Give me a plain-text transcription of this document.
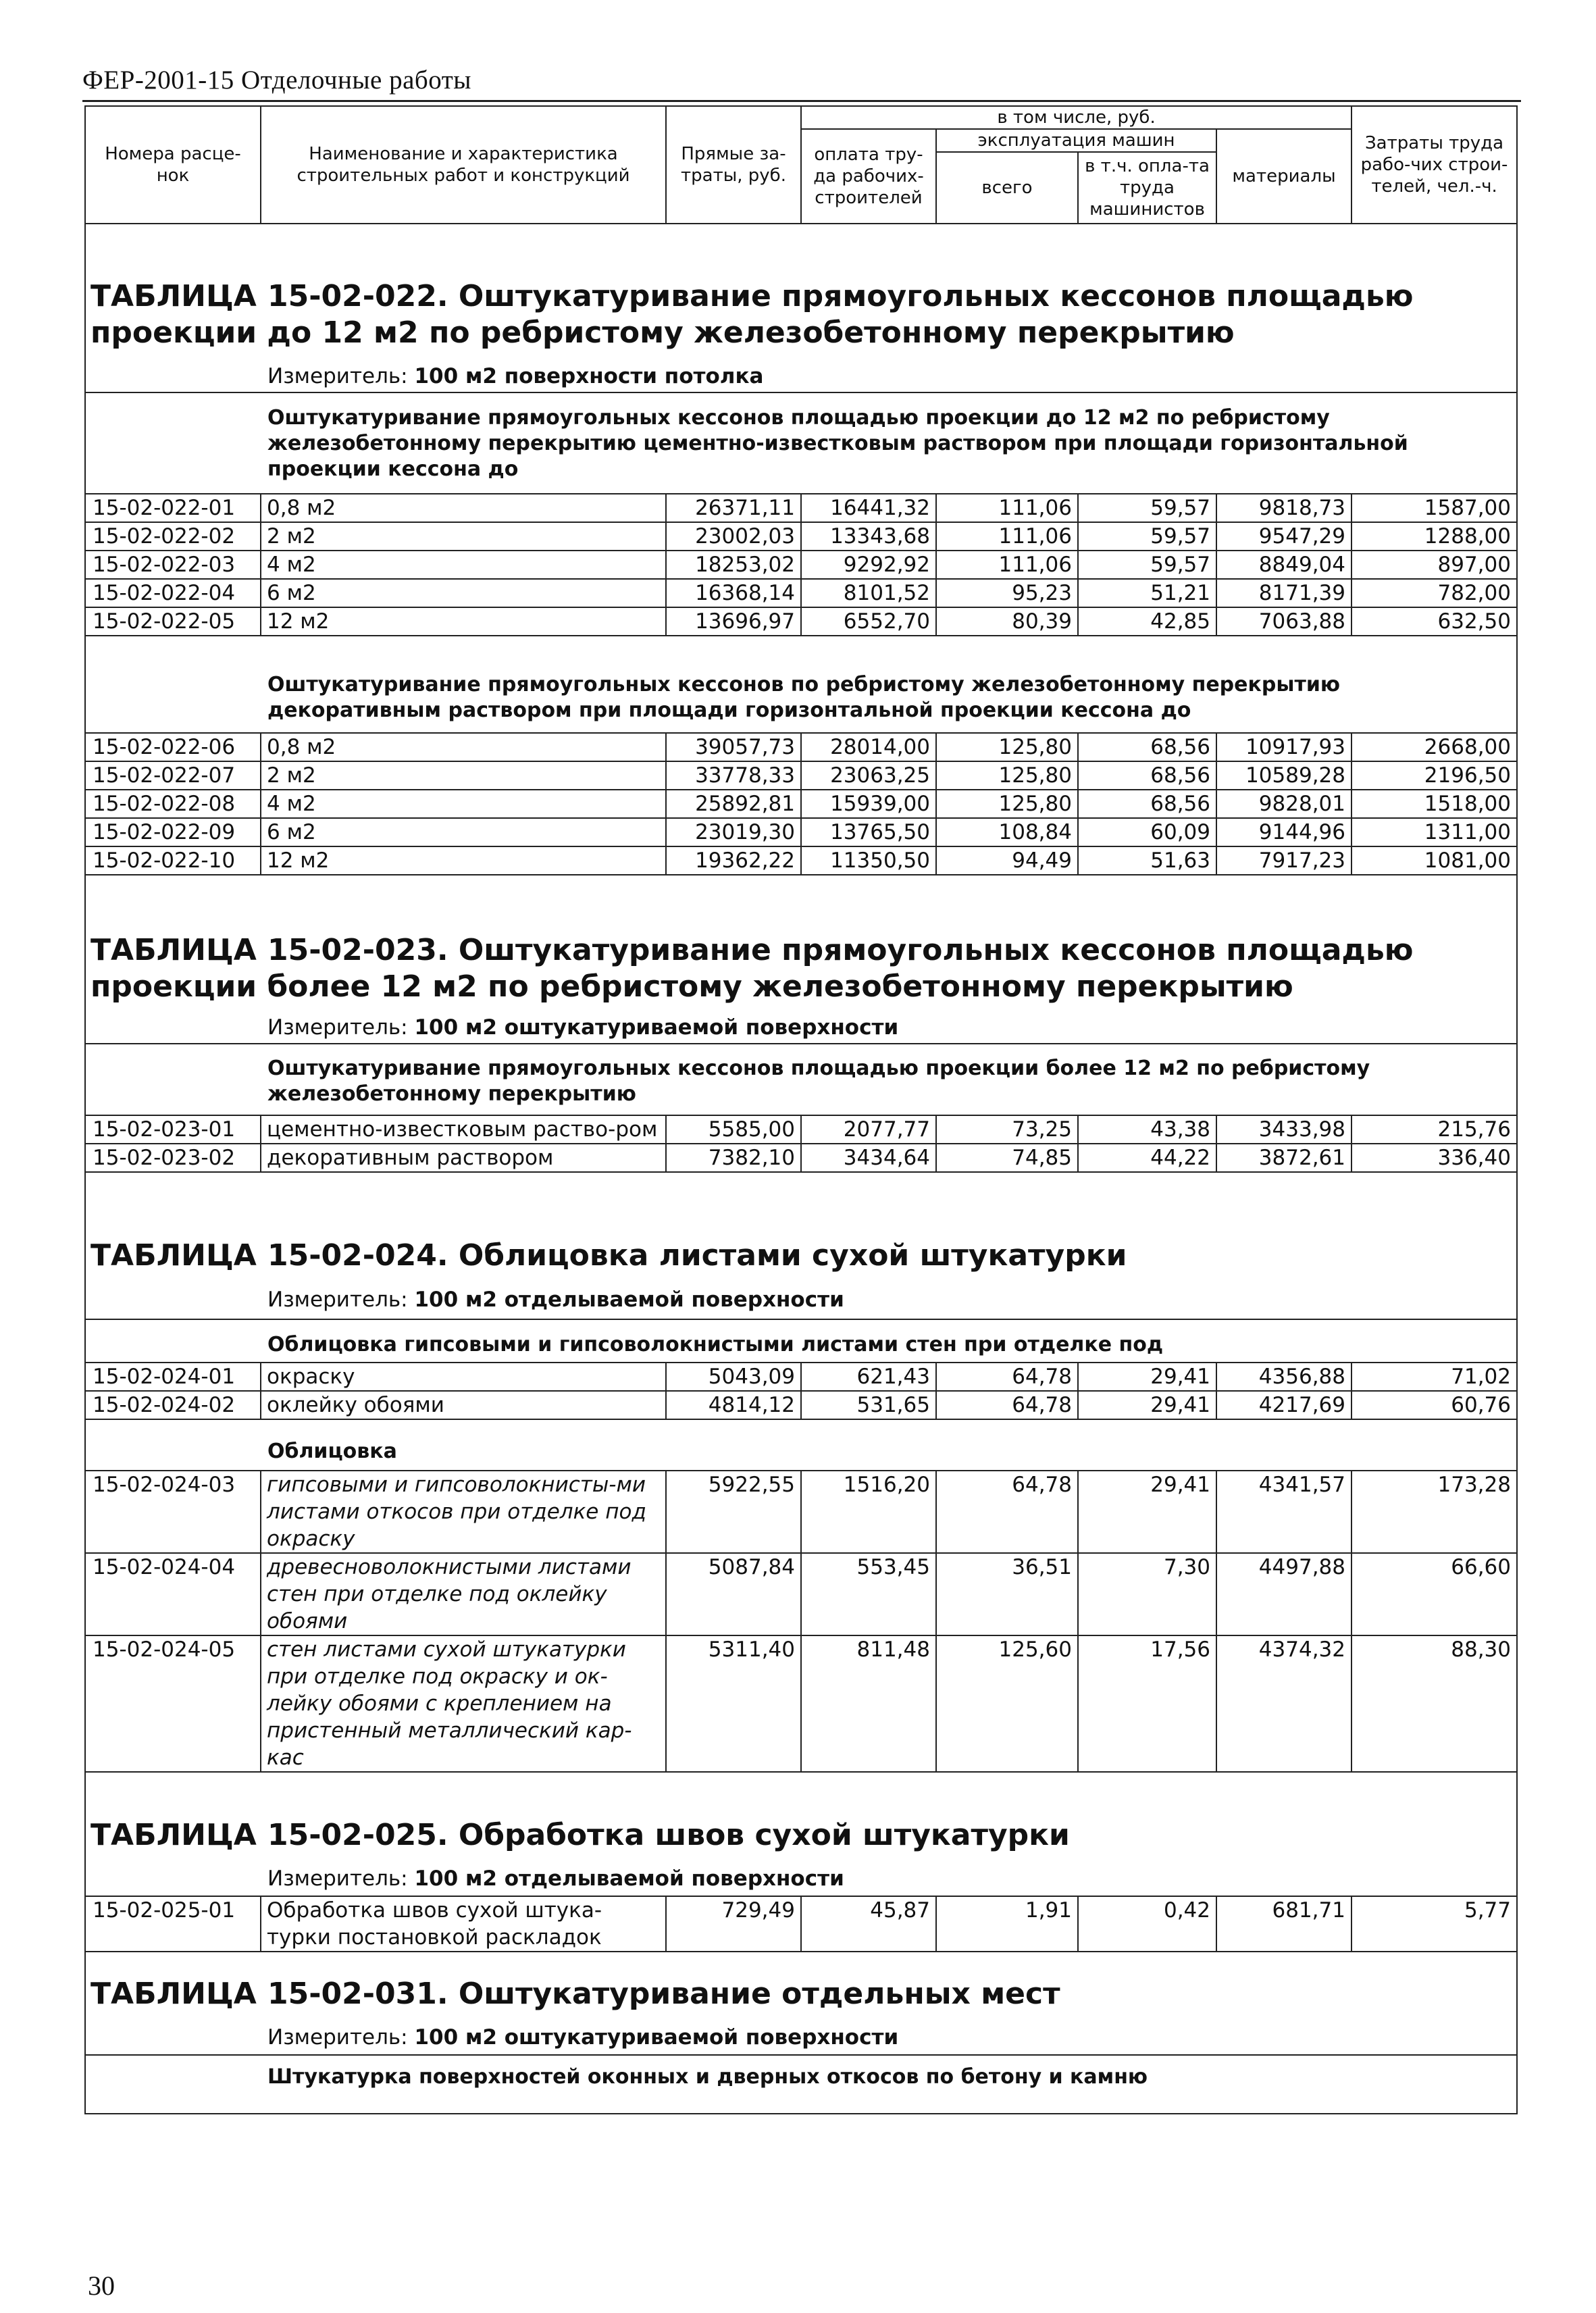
ФЕР-2001-15 Отделочные работы
Номера расце-нок	Наименование и характеристика строительных работ и конструкций	Прямые за-траты, руб.	в том числе, руб.				Затраты труда рабо-чих строи-телей, чел.-ч.
			оплата тру-да рабочих-строителей	эксплуатация машин		материалы	
				всего	в т.ч. опла-та труда машинистов		
ТАБЛИЦА 15-02-022. Оштукатуривание прямоугольных кессонов площадью проекции до 12 м2 по ребристому железобетонному перекрытию
Измеритель: 100 м2 поверхности потолка
Оштукатуривание прямоугольных кессонов площадью проекции до 12 м2 по ребристому железобетонному перекрытию цементно-известковым раствором при площади горизонтальной проекции кессона до
15-02-022-01	0,8 м2	26371,11	16441,32	111,06	59,57	9818,73	1587,00
15-02-022-02	2 м2	23002,03	13343,68	111,06	59,57	9547,29	1288,00
15-02-022-03	4 м2	18253,02	9292,92	111,06	59,57	8849,04	897,00
15-02-022-04	6 м2	16368,14	8101,52	95,23	51,21	8171,39	782,00
15-02-022-05	12 м2	13696,97	6552,70	80,39	42,85	7063,88	632,50
Оштукатуривание прямоугольных кессонов по ребристому железобетонному перекрытию декоративным раствором при площади горизонтальной проекции кессона до
15-02-022-06	0,8 м2	39057,73	28014,00	125,80	68,56	10917,93	2668,00
15-02-022-07	2 м2	33778,33	23063,25	125,80	68,56	10589,28	2196,50
15-02-022-08	4 м2	25892,81	15939,00	125,80	68,56	9828,01	1518,00
15-02-022-09	6 м2	23019,30	13765,50	108,84	60,09	9144,96	1311,00
15-02-022-10	12 м2	19362,22	11350,50	94,49	51,63	7917,23	1081,00
ТАБЛИЦА 15-02-023. Оштукатуривание прямоугольных кессонов площадью проекции более 12 м2 по ребристому железобетонному перекрытию
Измеритель: 100 м2 оштукатуриваемой поверхности
Оштукатуривание прямоугольных кессонов площадью проекции более 12 м2 по ребристому железобетонному перекрытию
15-02-023-01	цементно-известковым раство-ром	5585,00	2077,77	73,25	43,38	3433,98	215,76
15-02-023-02	декоративным раствором	7382,10	3434,64	74,85	44,22	3872,61	336,40
ТАБЛИЦА 15-02-024. Облицовка листами сухой штукатурки
Измеритель: 100 м2 отделываемой поверхности
Облицовка гипсовыми и гипсоволокнистыми листами стен при отделке под
15-02-024-01	окраску	5043,09	621,43	64,78	29,41	4356,88	71,02
15-02-024-02	оклейку обоями	4814,12	531,65	64,78	29,41	4217,69	60,76
Облицовка
15-02-024-03	гипсовыми и гипсоволокнисты-ми листами откосов при отделке под окраску	5922,55	1516,20	64,78	29,41	4341,57	173,28
15-02-024-04	древесноволокнистыми листами стен при отделке под оклейку обоями	5087,84	553,45	36,51	7,30	4497,88	66,60
15-02-024-05	стен листами сухой штукатурки при отделке под окраску и ок-лейку обоями с креплением на пристенный металлический кар-кас	5311,40	811,48	125,60	17,56	4374,32	88,30
ТАБЛИЦА 15-02-025. Обработка швов сухой штукатурки
Измеритель: 100 м2 отделываемой поверхности
15-02-025-01	Обработка швов сухой штука-турки постановкой раскладок	729,49	45,87	1,91	0,42	681,71	5,77
ТАБЛИЦА 15-02-031. Оштукатуривание отдельных мест
Измеритель: 100 м2 оштукатуриваемой поверхности
Штукатурка поверхностей оконных и дверных откосов по бетону и камню
30
